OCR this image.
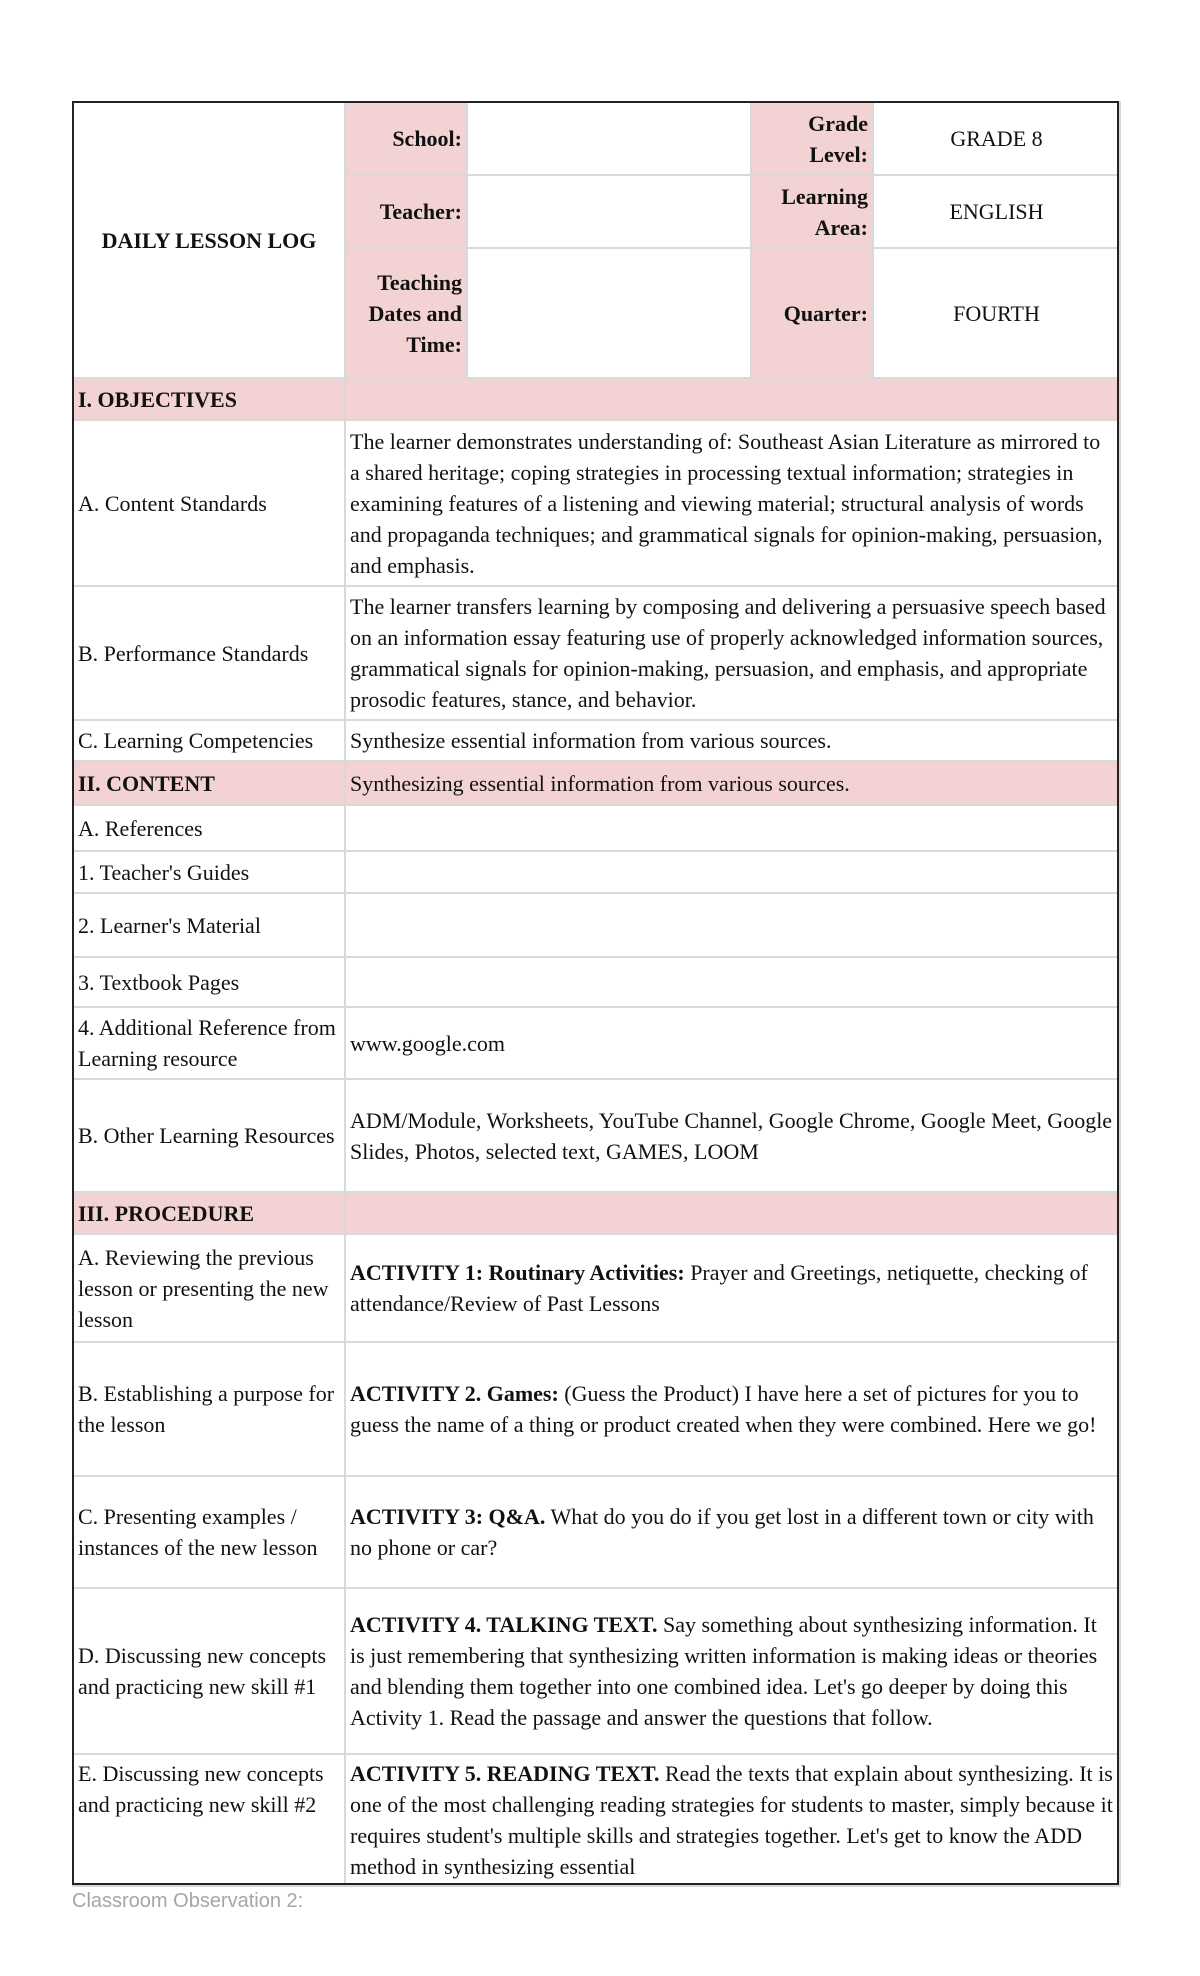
DAILY LESSON LOG	School:		Grade Level:	GRADE 8
	Teacher:		Learning Area:	ENGLISH
	Teaching Dates and Time:		Quarter:	FOURTH
I. OBJECTIVES				
A. Content Standards	The learner demonstrates understanding of: Southeast Asian Literature as mirrored to a shared heritage; coping strategies in processing textual information; strategies in examining features of a listening and viewing material; structural analysis of words and propaganda techniques; and grammatical signals for opinion-making, persuasion, and emphasis.			
B. Performance Standards	The learner transfers learning by composing and delivering a persuasive speech based on an information essay featuring use of properly acknowledged information sources, grammatical signals for opinion-making, persuasion, and emphasis, and appropriate prosodic features, stance, and behavior.			
C. Learning Competencies	Synthesize essential information from various sources.			
II. CONTENT	Synthesizing essential information from various sources.			
A. References				
1. Teacher's Guides				
2. Learner's Material				
3. Textbook Pages				
4. Additional Reference from Learning resource	www.google.com			
B. Other Learning Resources	ADM/Module, Worksheets, YouTube Channel, Google Chrome, Google Meet, Google Slides, Photos, selected text, GAMES, LOOM			
III. PROCEDURE				
A. Reviewing the previous lesson or presenting the new lesson	ACTIVITY 1: Routinary Activities: Prayer and Greetings, netiquette, checking of attendance/Review of Past Lessons			
B. Establishing a purpose for the lesson	ACTIVITY 2. Games: (Guess the Product) I have here a set of pictures for you to guess the name of a thing or product created when they were combined. Here we go!			
C. Presenting examples / instances of the new lesson	ACTIVITY 3: Q&A. What do you do if you get lost in a different town or city with no phone or car?			
D. Discussing new concepts and practicing new skill #1	ACTIVITY 4. TALKING TEXT. Say something about synthesizing information. It is just remembering that synthesizing written information is making ideas or theories and blending them together into one combined idea. Let's go deeper by doing this Activity 1. Read the passage and answer the questions that follow.			
E. Discussing new concepts and practicing new skill #2	ACTIVITY 5. READING TEXT. Read the texts that explain about synthesizing. It is one of the most challenging reading strategies for students to master, simply because it requires student's multiple skills and strategies together. Let's get to know the ADD method in synthesizing essential			
Classroom Observation 2:
